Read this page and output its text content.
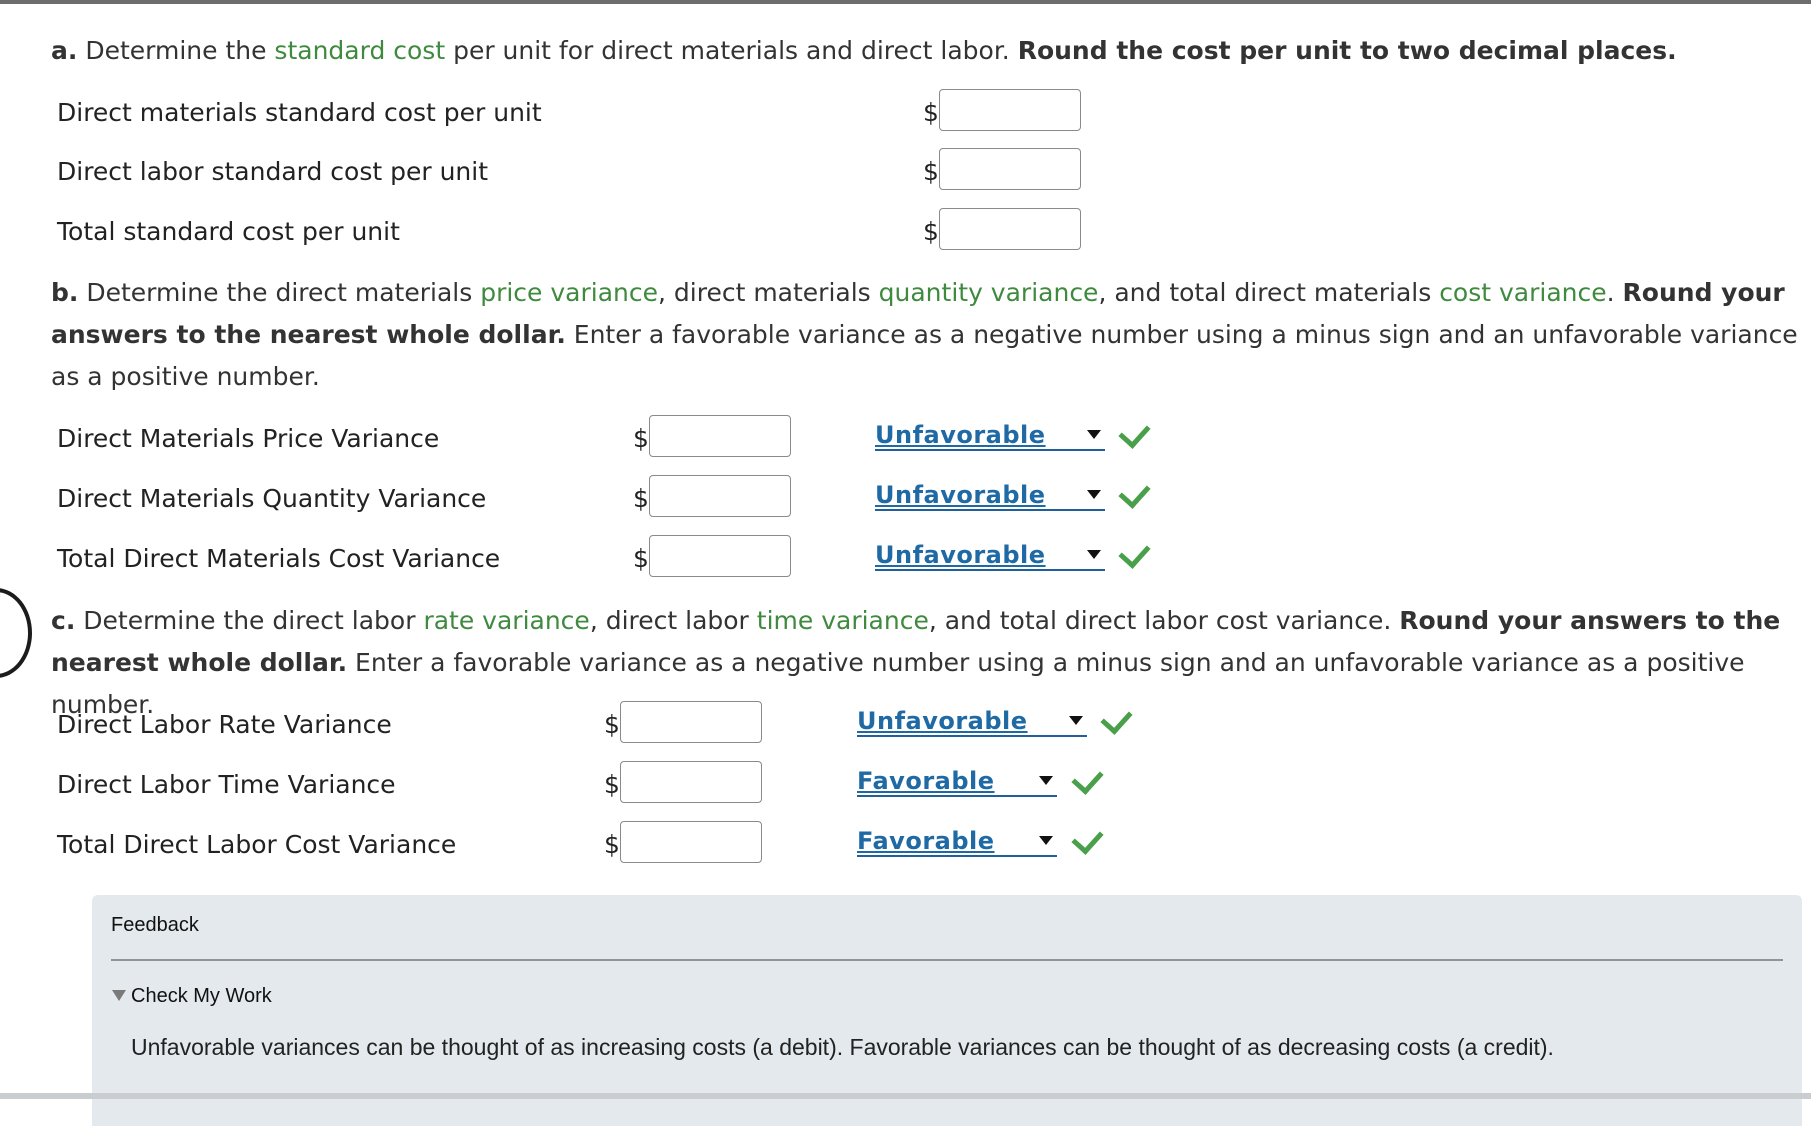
a. Determine the standard cost per unit for direct materials and direct labor. Round the cost per unit to two decimal places.
Direct materials standard cost per unit	$
Direct labor standard cost per unit	$
Total standard cost per unit	$
b. Determine the direct materials price variance, direct materials quantity variance, and total direct materials cost variance. Round your answers to the nearest whole dollar. Enter a favorable variance as a negative number using a minus sign and an unfavorable variance as a positive number.
Direct Materials Price Variance	$	Unfavorable
Direct Materials Quantity Variance	$	Unfavorable
Total Direct Materials Cost Variance	$	Unfavorable
c. Determine the direct labor rate variance, direct labor time variance, and total direct labor cost variance. Round your answers to the nearest whole dollar. Enter a favorable variance as a negative number using a minus sign and an unfavorable variance as a positive number.
Direct Labor Rate Variance	$	Unfavorable
Direct Labor Time Variance	$	Favorable
Total Direct Labor Cost Variance	$	Favorable
Feedback
Check My Work
Unfavorable variances can be thought of as increasing costs (a debit). Favorable variances can be thought of as decreasing costs (a credit).
